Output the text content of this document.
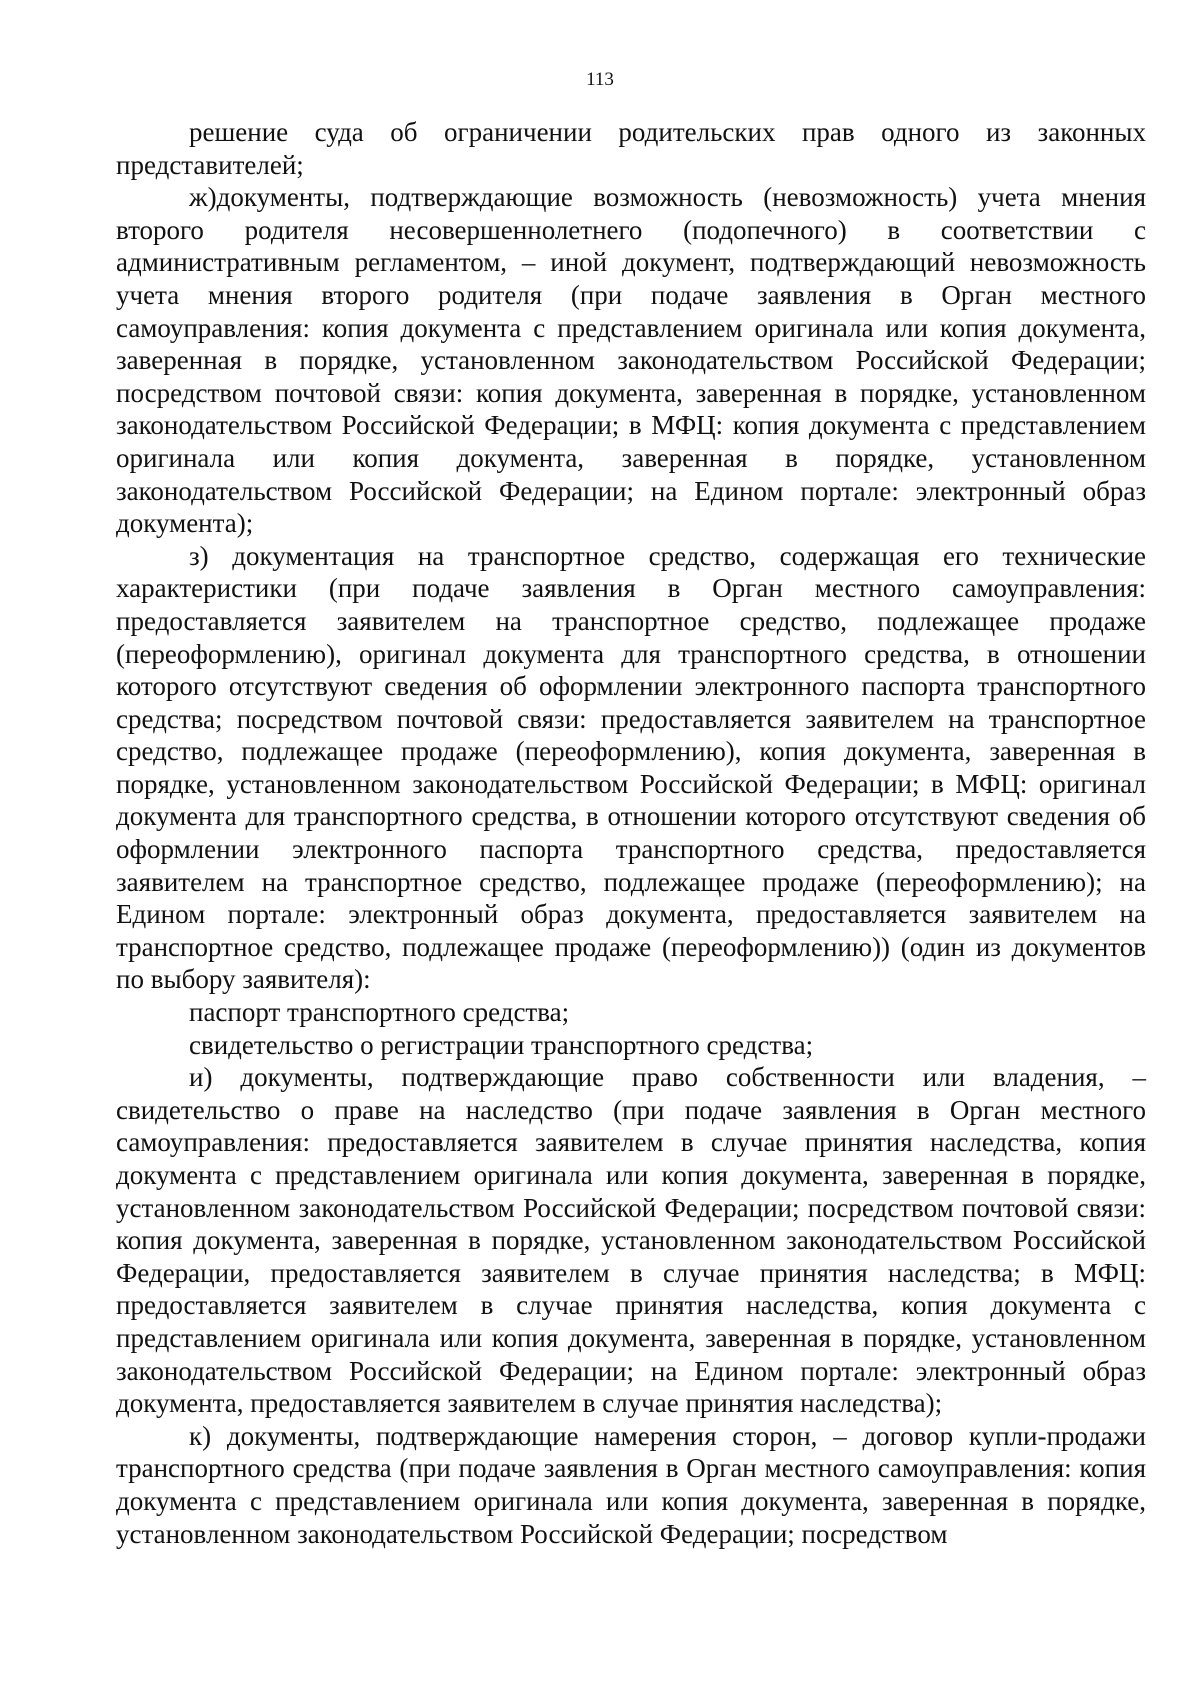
113

решение суда об ограничении родительских прав одного из законных представителей;

ж)документы, подтверждающие возможность (невозможность) учета мнения второго родителя несовершеннолетнего (подопечного) в соответствии с административным регламентом, – иной документ, подтверждающий невозможность учета мнения второго родителя (при подаче заявления в Орган местного самоуправления: копия документа с представлением оригинала или копия документа, заверенная в порядке, установленном законодательством Российской Федерации; посредством почтовой связи: копия документа, заверенная в порядке, установленном законодательством Российской Федерации; в МФЦ: копия документа с представлением оригинала или копия документа, заверенная в порядке, установленном законодательством Российской Федерации; на Едином портале: электронный образ документа);

з) документация на транспортное средство, содержащая его технические характеристики (при подаче заявления в Орган местного самоуправления: предоставляется заявителем на транспортное средство, подлежащее продаже (переоформлению), оригинал документа для транспортного средства, в отношении которого отсутствуют сведения об оформлении электронного паспорта транспортного средства; посредством почтовой связи: предоставляется заявителем на транспортное средство, подлежащее продаже (переоформлению), копия документа, заверенная в порядке, установленном законодательством Российской Федерации; в МФЦ: оригинал документа для транспортного средства, в отношении которого отсутствуют сведения об оформлении электронного паспорта транспортного средства, предоставляется заявителем на транспортное средство, подлежащее продаже (переоформлению); на Едином портале: электронный образ документа, предоставляется заявителем на транспортное средство, подлежащее продаже (переоформлению)) (один из документов по выбору заявителя):

паспорт транспортного средства;

свидетельство о регистрации транспортного средства;

и) документы, подтверждающие право собственности или владения, – свидетельство о праве на наследство (при подаче заявления в Орган местного самоуправления: предоставляется заявителем в случае принятия наследства, копия документа с представлением оригинала или копия документа, заверенная в порядке, установленном законодательством Российской Федерации; посредством почтовой связи: копия документа, заверенная в порядке, установленном законодательством Российской Федерации, предоставляется заявителем в случае принятия наследства; в МФЦ: предоставляется заявителем в случае принятия наследства, копия документа с представлением оригинала или копия документа, заверенная в порядке, установленном законодательством Российской Федерации; на Едином портале: электронный образ документа, предоставляется заявителем в случае принятия наследства);

к) документы, подтверждающие намерения сторон, – договор купли-продажи транспортного средства (при подаче заявления в Орган местного самоуправления: копия документа с представлением оригинала или копия документа, заверенная в порядке, установленном законодательством Российской Федерации; посредством
